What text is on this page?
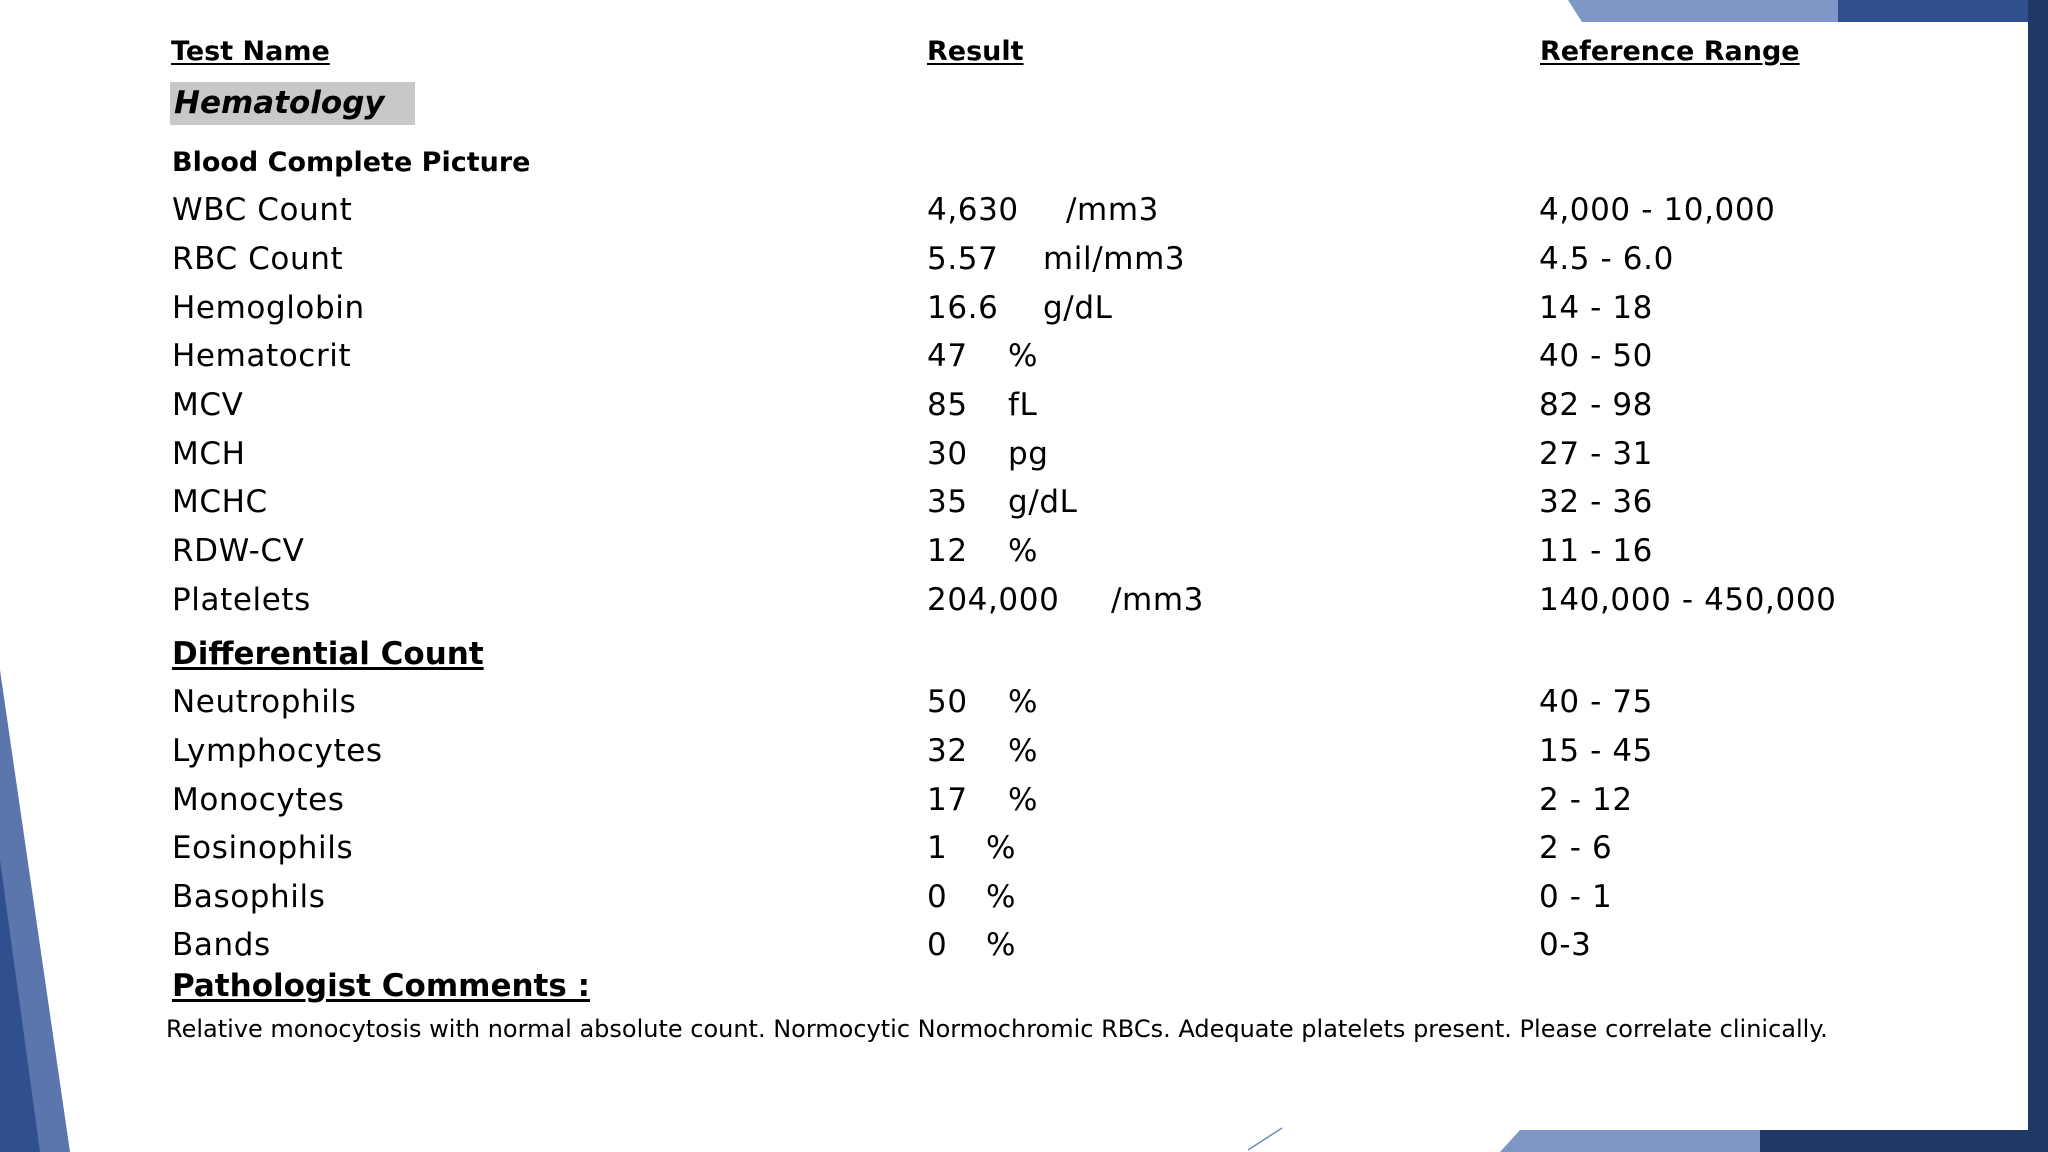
Test Name	Result	Reference Range
Hematology
Blood Complete Picture
WBC Count	4,630 /mm3	4,000 - 10,000
RBC Count	5.57 mil/mm3	4.5 - 6.0
Hemoglobin	16.6 g/dL	14 - 18
Hematocrit	47 %	40 - 50
MCV	85 fL	82 - 98
MCH	30 pg	27 - 31
MCHC	35 g/dL	32 - 36
RDW-CV	12 %	11 - 16
Platelets	204,000 /mm3	140,000 - 450,000
Differential Count
Neutrophils	50 %	40 - 75
Lymphocytes	32 %	15 - 45
Monocytes	17 %	2 - 12
Eosinophils	1 %	2 - 6
Basophils	0 %	0 - 1
Bands	0 %	0-3
Pathologist Comments :
Relative monocytosis with normal absolute count. Normocytic Normochromic RBCs. Adequate platelets present. Please correlate clinically.
